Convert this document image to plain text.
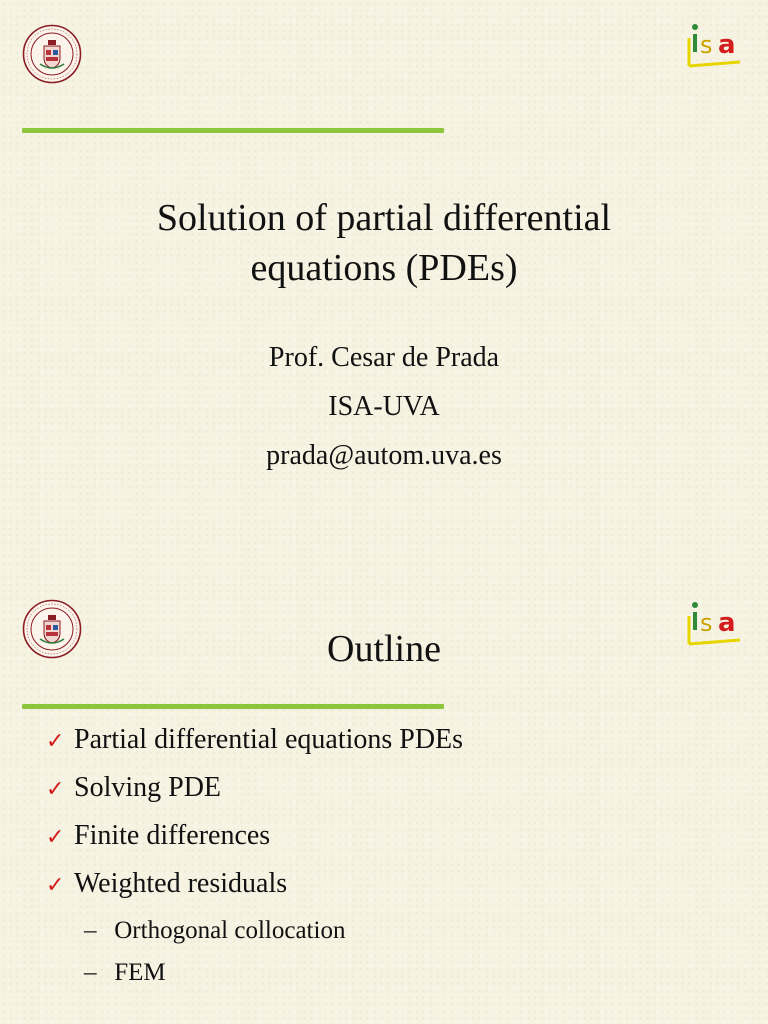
s a
Solution of partial differential
equations (PDEs)
Prof. Cesar de Prada
ISA-UVA
prada@autom.uva.es
s a
Outline
✓ Partial differential equations PDEs
✓ Solving PDE
✓ Finite differences
✓ Weighted residuals
– Orthogonal collocation
– FEM
